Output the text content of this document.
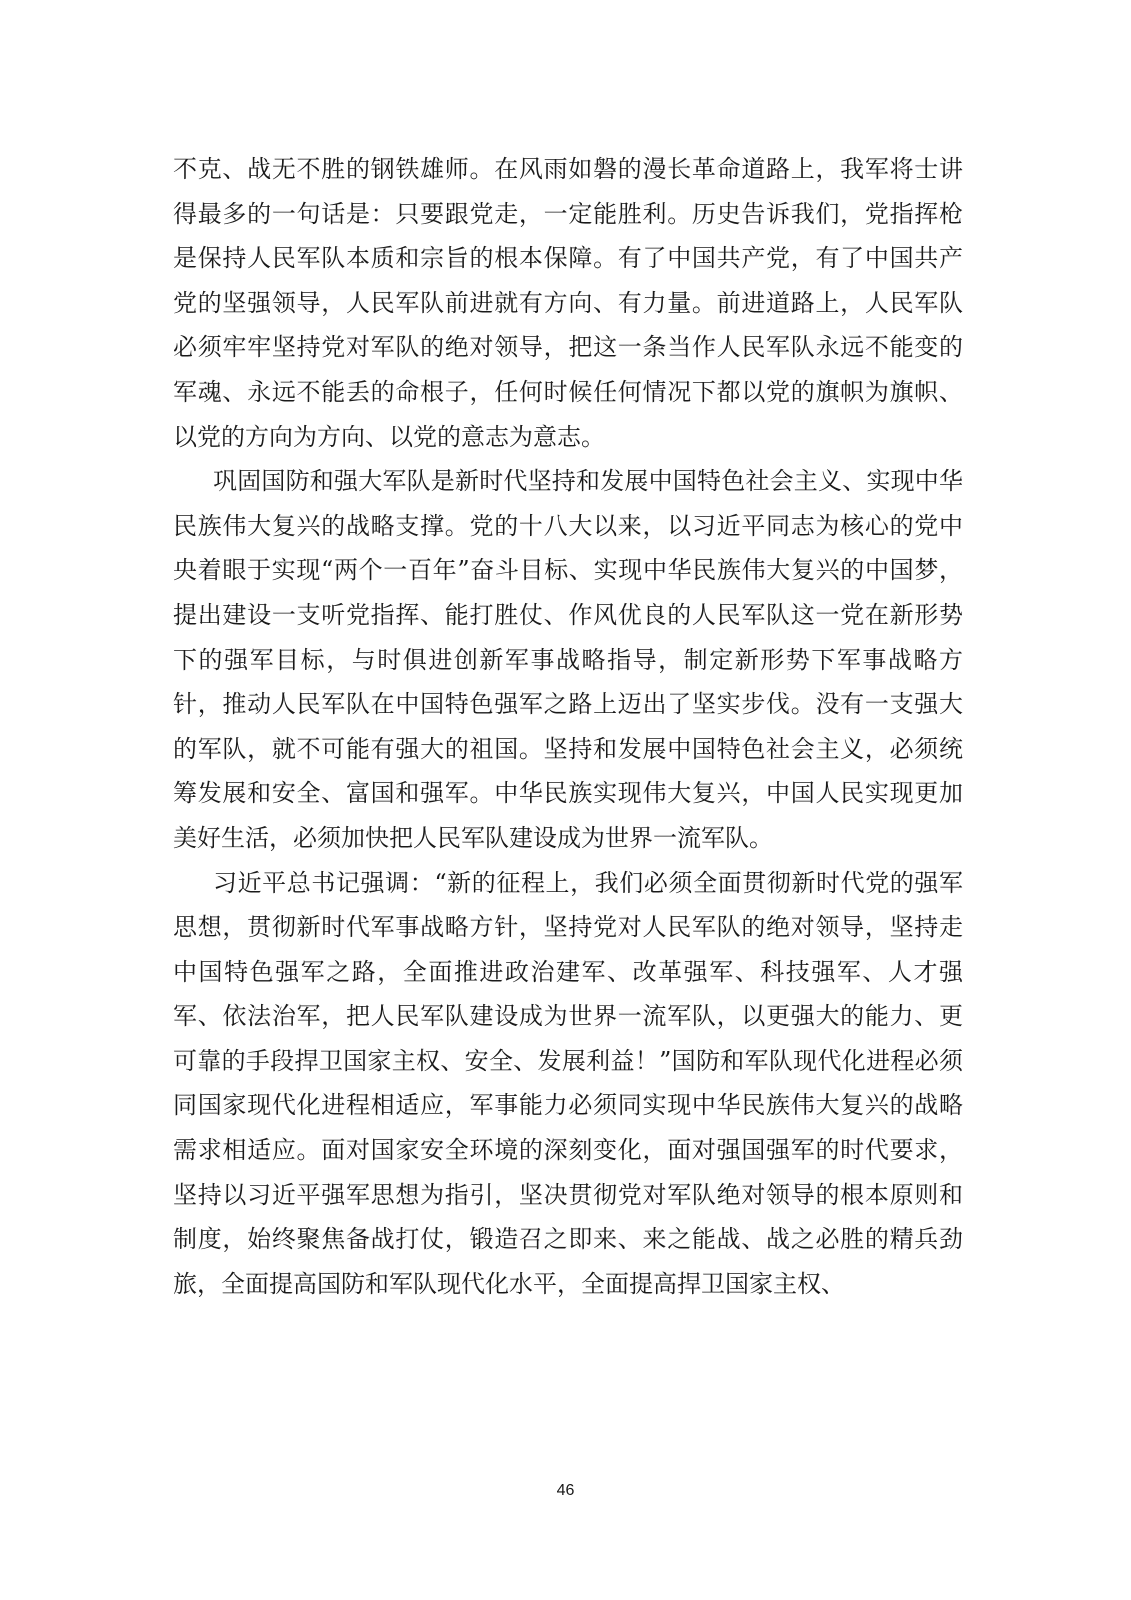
不克、战无不胜的钢铁雄师。在风雨如磐的漫长革命道路上，我军将士讲得最多的一句话是：只要跟党走，一定能胜利。历史告诉我们，党指挥枪是保持人民军队本质和宗旨的根本保障。有了中国共产党，有了中国共产党的坚强领导，人民军队前进就有方向、有力量。前进道路上，人民军队必须牢牢坚持党对军队的绝对领导，把这一条当作人民军队永远不能变的军魂、永远不能丢的命根子，任何时候任何情况下都以党的旗帜为旗帜、以党的方向为方向、以党的意志为意志。

巩固国防和强大军队是新时代坚持和发展中国特色社会主义、实现中华民族伟大复兴的战略支撑。党的十八大以来，以习近平同志为核心的党中央着眼于实现“两个一百年”奋斗目标、实现中华民族伟大复兴的中国梦，提出建设一支听党指挥、能打胜仗、作风优良的人民军队这一党在新形势下的强军目标，与时俱进创新军事战略指导，制定新形势下军事战略方针，推动人民军队在中国特色强军之路上迈出了坚实步伐。没有一支强大的军队，就不可能有强大的祖国。坚持和发展中国特色社会主义，必须统筹发展和安全、富国和强军。中华民族实现伟大复兴，中国人民实现更加美好生活，必须加快把人民军队建设成为世界一流军队。

习近平总书记强调：“新的征程上，我们必须全面贯彻新时代党的强军思想，贯彻新时代军事战略方针，坚持党对人民军队的绝对领导，坚持走中国特色强军之路，全面推进政治建军、改革强军、科技强军、人才强军、依法治军，把人民军队建设成为世界一流军队，以更强大的能力、更可靠的手段捍卫国家主权、安全、发展利益！”国防和军队现代化进程必须同国家现代化进程相适应，军事能力必须同实现中华民族伟大复兴的战略需求相适应。面对国家安全环境的深刻变化，面对强国强军的时代要求，坚持以习近平强军思想为指引，坚决贯彻党对军队绝对领导的根本原则和制度，始终聚焦备战打仗，锻造召之即来、来之能战、战之必胜的精兵劲旅，全面提高国防和军队现代化水平，全面提高捍卫国家主权、

46
